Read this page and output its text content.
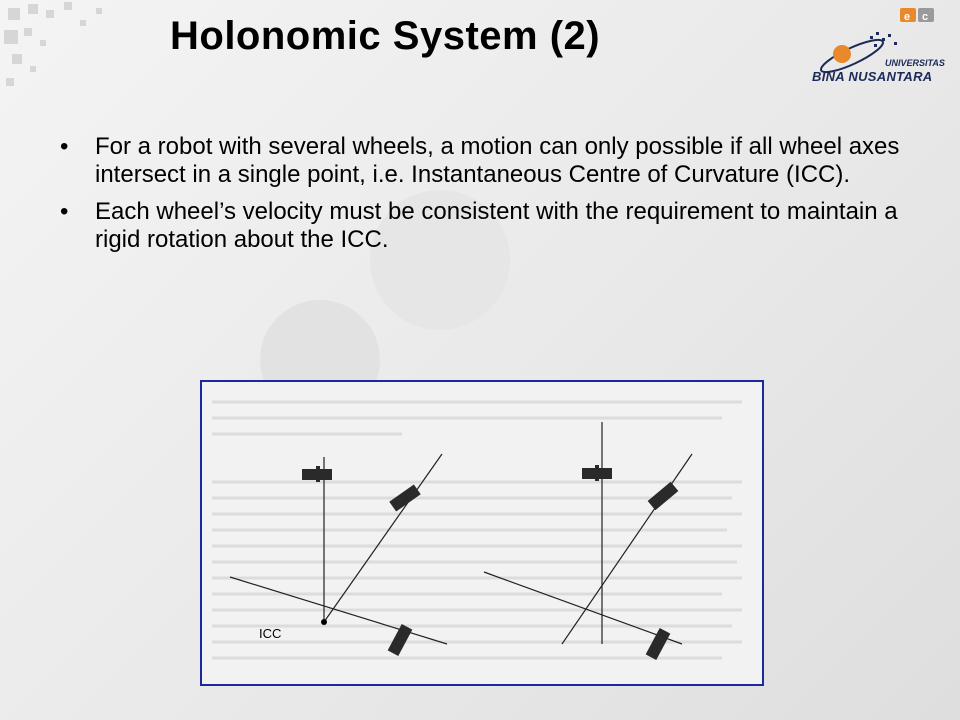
Holonomic System (2)	e c
UNIVERSITAS
BINA NUSANTARA
• For a robot with several wheels, a motion can only possible if all wheel axes intersect in a single point, i.e. Instantaneous Centre of Curvature (ICC).
• Each wheel’s velocity must be consistent with the requirement to maintain a rigid rotation about the ICC.
ICC
